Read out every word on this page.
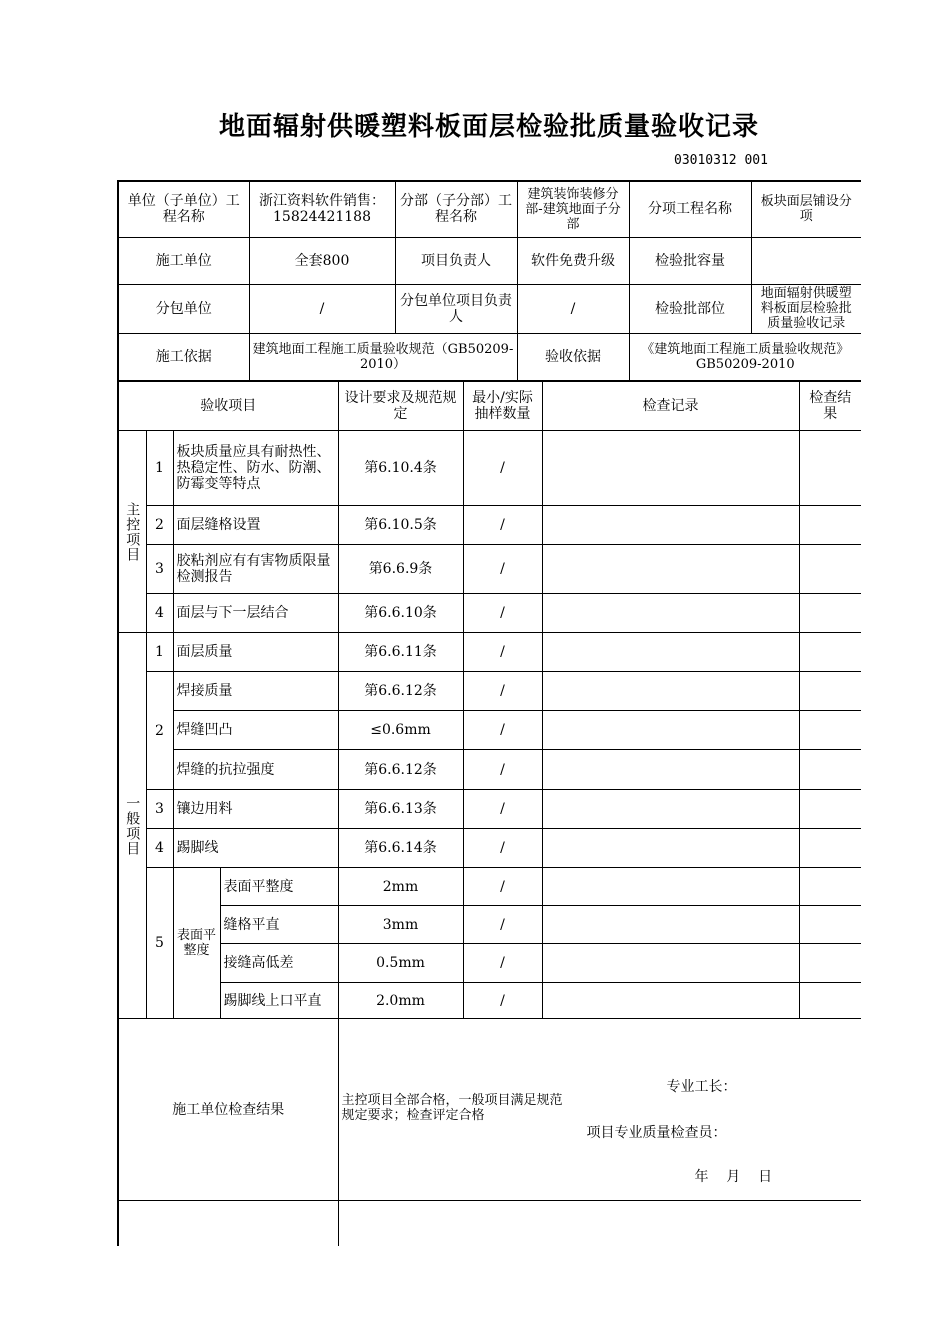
地面辐射供暖塑料板面层检验批质量验收记录
03010312 001
单位（子单位）工程名称	浙江资料软件销售：15824421188	分部（子分部）工程名称	建筑装饰装修分部-建筑地面子分部	分项工程名称	板块面层铺设分项
施工单位	全套800	项目负责人	软件免费升级	检验批容量	
分包单位	/	分包单位项目负责人	/	检验批部位	地面辐射供暖塑料板面层检验批质量验收记录
施工依据	建筑地面工程施工质量验收规范（GB50209-2010）		验收依据	《建筑地面工程施工质量验收规范》GB50209-2010	
验收项目				设计要求及规范规定	最小/实际抽样数量	检查记录	检查结果
主控项目	1	板块质量应具有耐热性、热稳定性、防水、防潮、防霉变等特点		第6.10.4条	/		
	2	面层缝格设置		第6.10.5条	/		
	3	胶粘剂应有有害物质限量检测报告		第6.6.9条	/		
	4	面层与下一层结合		第6.6.10条	/		
一般项目	1	面层质量		第6.6.11条	/		
	2	焊接质量		第6.6.12条	/		
		焊缝凹凸		≤0.6mm	/		
		焊缝的抗拉强度		第6.6.12条	/		
	3	镶边用料		第6.6.13条	/		
	4	踢脚线		第6.6.14条	/		
	5	表面平整度	表面平整度	2mm	/		
			缝格平直	3mm	/		
			接缝高低差	0.5mm	/		
			踢脚线上口平直	2.0mm	/		
施工单位检查结果				主控项目全部合格，一般项目满足规范规定要求；检查评定合格
专业工长：
项目专业质量检查员：
年    月    日			
